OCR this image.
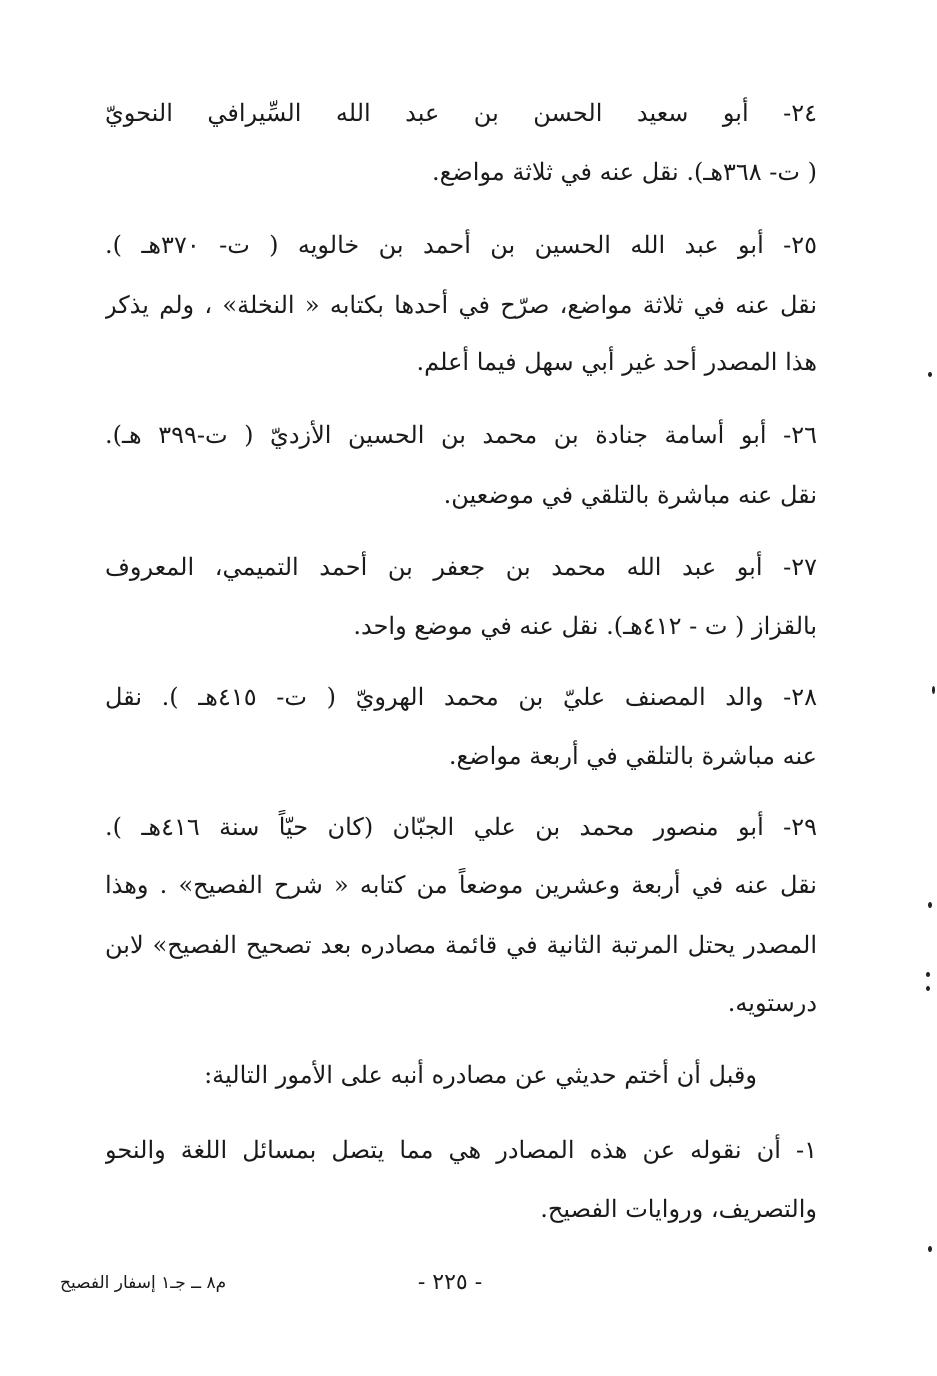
٢٤- أبو سعيد الحسن بن عبد الله السِّيرافي النحويّ
( ت- ٣٦٨هـ). نقل عنه في ثلاثة مواضع.
٢٥- أبو عبد الله الحسين بن أحمد بن خالويه ( ت- ٣٧٠هـ ).
نقل عنه في ثلاثة مواضع، صرّح في أحدها بكتابه « النخلة» ، ولم يذكر
هذا المصدر أحد غير أبي سهل فيما أعلم.
٢٦- أبو أسامة جنادة بن محمد بن الحسين الأزديّ ( ت-٣٩٩ هـ).
نقل عنه مباشرة بالتلقي في موضعين.
٢٧- أبو عبد الله محمد بن جعفر بن أحمد التميمي، المعروف
بالقزاز ( ت - ٤١٢هـ). نقل عنه في موضع واحد.
٢٨- والد المصنف عليّ بن محمد الهرويّ ( ت- ٤١٥هـ ). نقل
عنه مباشرة بالتلقي في أربعة مواضع.
٢٩- أبو منصور محمد بن علي الجبّان (كان حيّاً سنة ٤١٦هـ ).
نقل عنه في أربعة وعشرين موضعاً من كتابه « شرح الفصيح» . وهذا
المصدر يحتل المرتبة الثانية في قائمة مصادره بعد تصحيح الفصيح» لابن
درستويه.
وقبل أن أختم حديثي عن مصادره أنبه على الأمور التالية:
١- أن نقوله عن هذه المصادر هي مما يتصل بمسائل اللغة والنحو
والتصريف، وروايات الفصيح.
- ٢٢٥ -
م٨ ــ جـ١ إسفار الفصيح
